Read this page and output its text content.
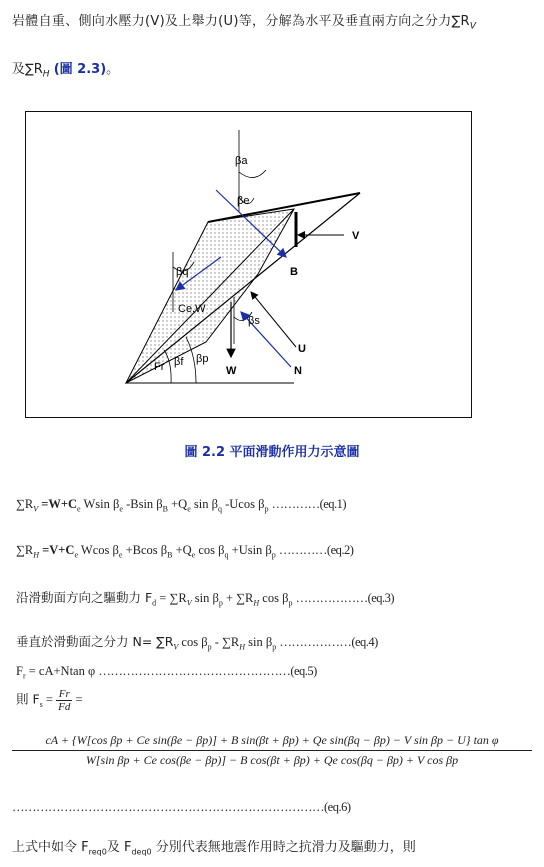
岩體自重、側向水壓力(V)及上舉力(U)等，分解為水平及垂直兩方向之分力$\sum R_V$
及$\sum R_H$ (圖 2.3)。
βa
βe
βq
Ce.W
βs
Fr βf βp
V
B
U
N
W
圖 2.2 平面滑動作用力示意圖
$\sum R_V =W+C_e$ Wsin $\beta_e$ -Bsin $\beta_B +Q_e$ $\sin \beta_q$ -Ucos $\beta_p$ …………(eq.1)
$\sum R_H =V+C_e$ Wcos $\beta_e +Bcos$ $\beta_B +Q_e$ $\cos \beta_q +Usin$ $\beta_p$ …………(eq.2)
沿滑動面方向之驅動力 $F_d = \sum R_V$ $\sin \beta_p + \sum R_H$ $\cos \beta_p$ ………………(eq.3)
垂直於滑動面之分力 $N= \sum R_V$ $\cos \beta_p - \sum R_H$ $\sin \beta_p$ ………………(eq.4)
$F_r = cA+Ntan$ φ …………………………………………(eq.5)
則 $F_s = \frac{Fr}{Fd}$ =
cA + {W[cos βp + Ce sin(βe − βp)] + B sin(βt + βp) + Qe sin(βq − βp) − V sin βp − U} tan φ
W[sin βp + Ce cos(βe − βp)] − B cos(βt + βp) + Qe cos(βq − βp) + V cos βp
……………………………………………………………………(eq.6)
上式中如令 $F_{req0}$及 $F_{deq0}$ 分別代表無地震作用時之抗滑力及驅動力，則
